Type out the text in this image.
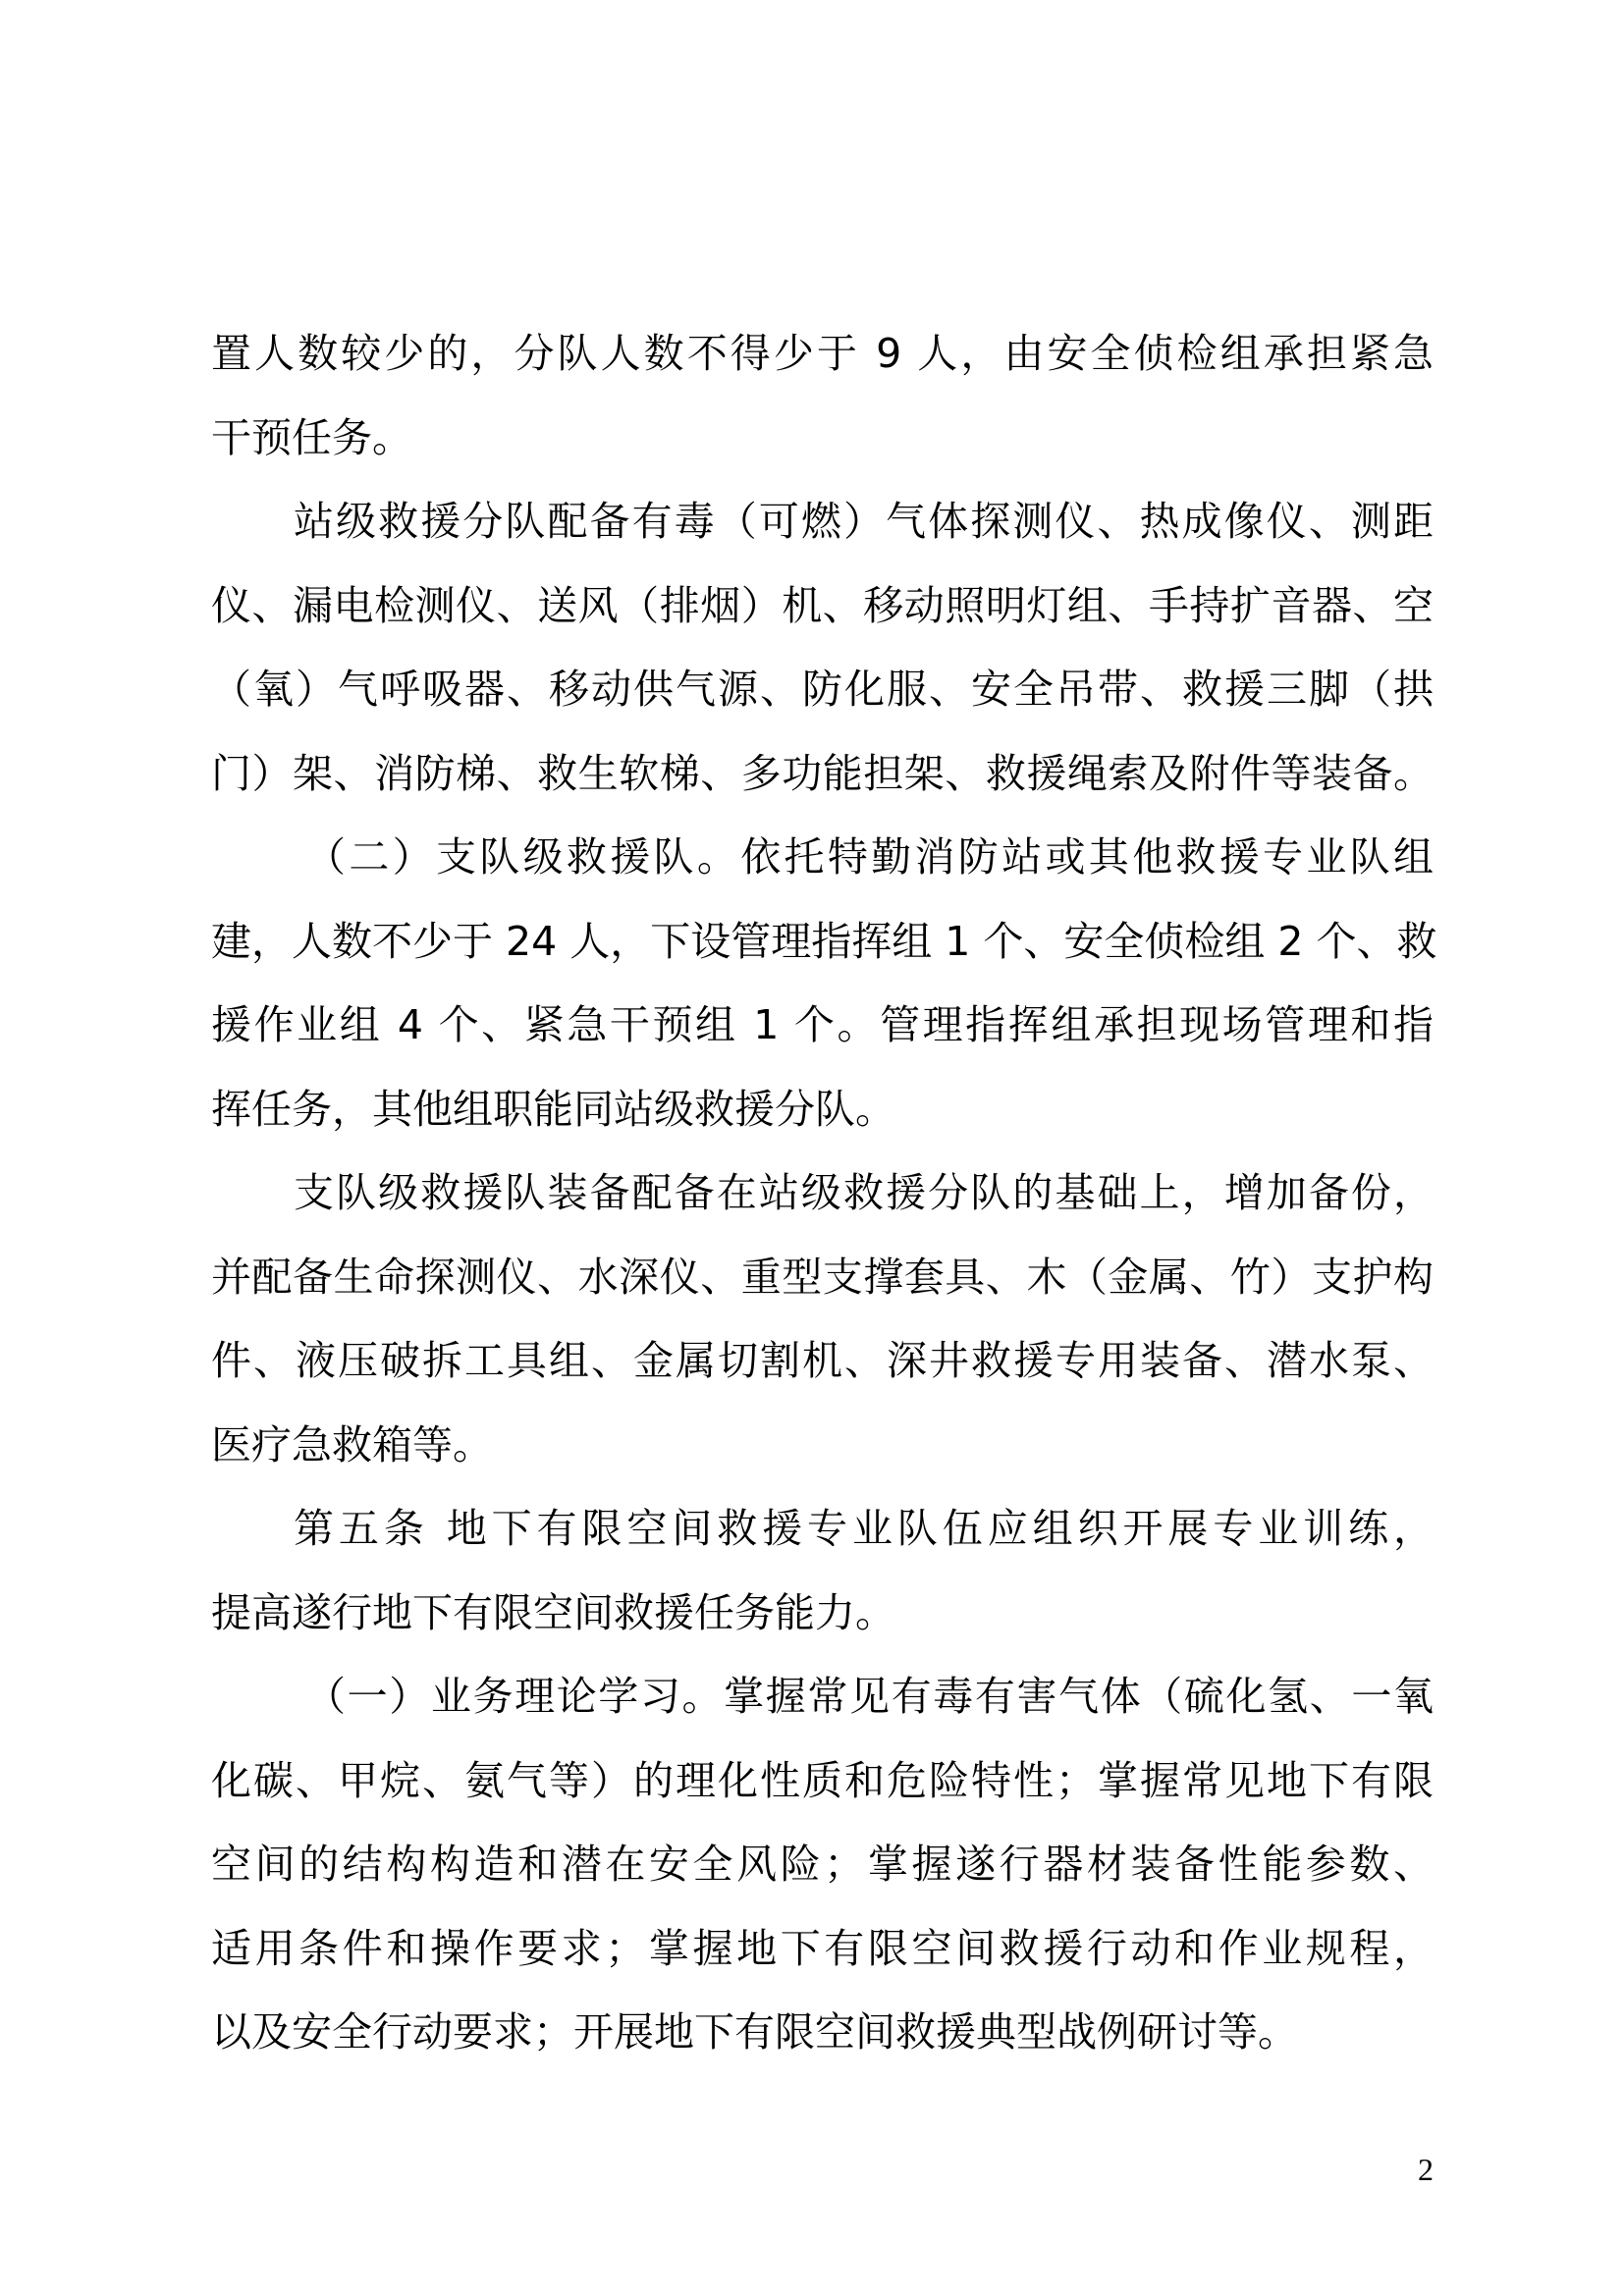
置人数较少的，分队人数不得少于 9 人，由安全侦检组承担紧急
干预任务。
站级救援分队配备有毒（可燃）气体探测仪、热成像仪、测距
仪、漏电检测仪、送风（排烟）机、移动照明灯组、手持扩音器、空
（氧）气呼吸器、移动供气源、防化服、安全吊带、救援三脚（拱
门）架、消防梯、救生软梯、多功能担架、救援绳索及附件等装备。
（二）支队级救援队。依托特勤消防站或其他救援专业队组
建，人数不少于 24 人，下设管理指挥组 1 个、安全侦检组 2 个、救
援作业组 4 个、紧急干预组 1 个。管理指挥组承担现场管理和指
挥任务，其他组职能同站级救援分队。
支队级救援队装备配备在站级救援分队的基础上，增加备份，
并配备生命探测仪、水深仪、重型支撑套具、木（金属、竹）支护构
件、液压破拆工具组、金属切割机、深井救援专用装备、潜水泵、
医疗急救箱等。
第五条 地下有限空间救援专业队伍应组织开展专业训练，
提高遂行地下有限空间救援任务能力。
（一）业务理论学习。掌握常见有毒有害气体（硫化氢、一氧
化碳、甲烷、氨气等）的理化性质和危险特性；掌握常见地下有限
空间的结构构造和潜在安全风险；掌握遂行器材装备性能参数、
适用条件和操作要求；掌握地下有限空间救援行动和作业规程，
以及安全行动要求；开展地下有限空间救援典型战例研讨等。
2
